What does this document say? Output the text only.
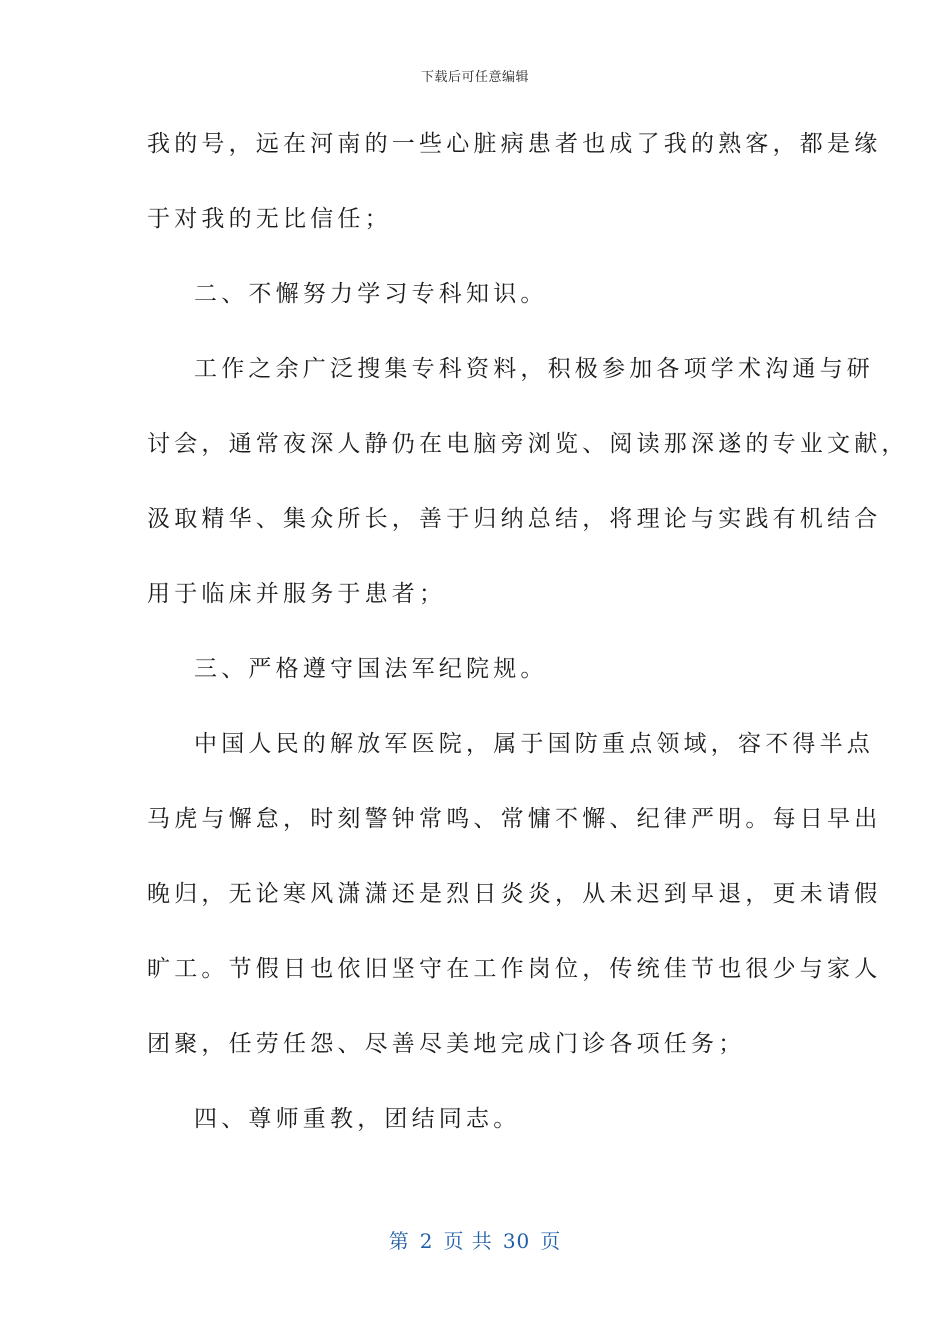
下载后可任意编辑
我的号，远在河南的一些心脏病患者也成了我的熟客，都是缘
于对我的无比信任；
二、不懈努力学习专科知识。
工作之余广泛搜集专科资料，积极参加各项学术沟通与研
讨会，通常夜深人静仍在电脑旁浏览、阅读那深遂的专业文献，
汲取精华、集众所长，善于归纳总结，将理论与实践有机结合
用于临床并服务于患者；
三、严格遵守国法军纪院规。
中国人民的解放军医院，属于国防重点领域，容不得半点
马虎与懈怠，时刻警钟常鸣、常慵不懈、纪律严明。每日早出
晚归，无论寒风潇潇还是烈日炎炎，从未迟到早退，更未请假
旷工。节假日也依旧坚守在工作岗位，传统佳节也很少与家人
团聚，任劳任怨、尽善尽美地完成门诊各项任务；
四、尊师重教，团结同志。
第 2 页 共 30 页
